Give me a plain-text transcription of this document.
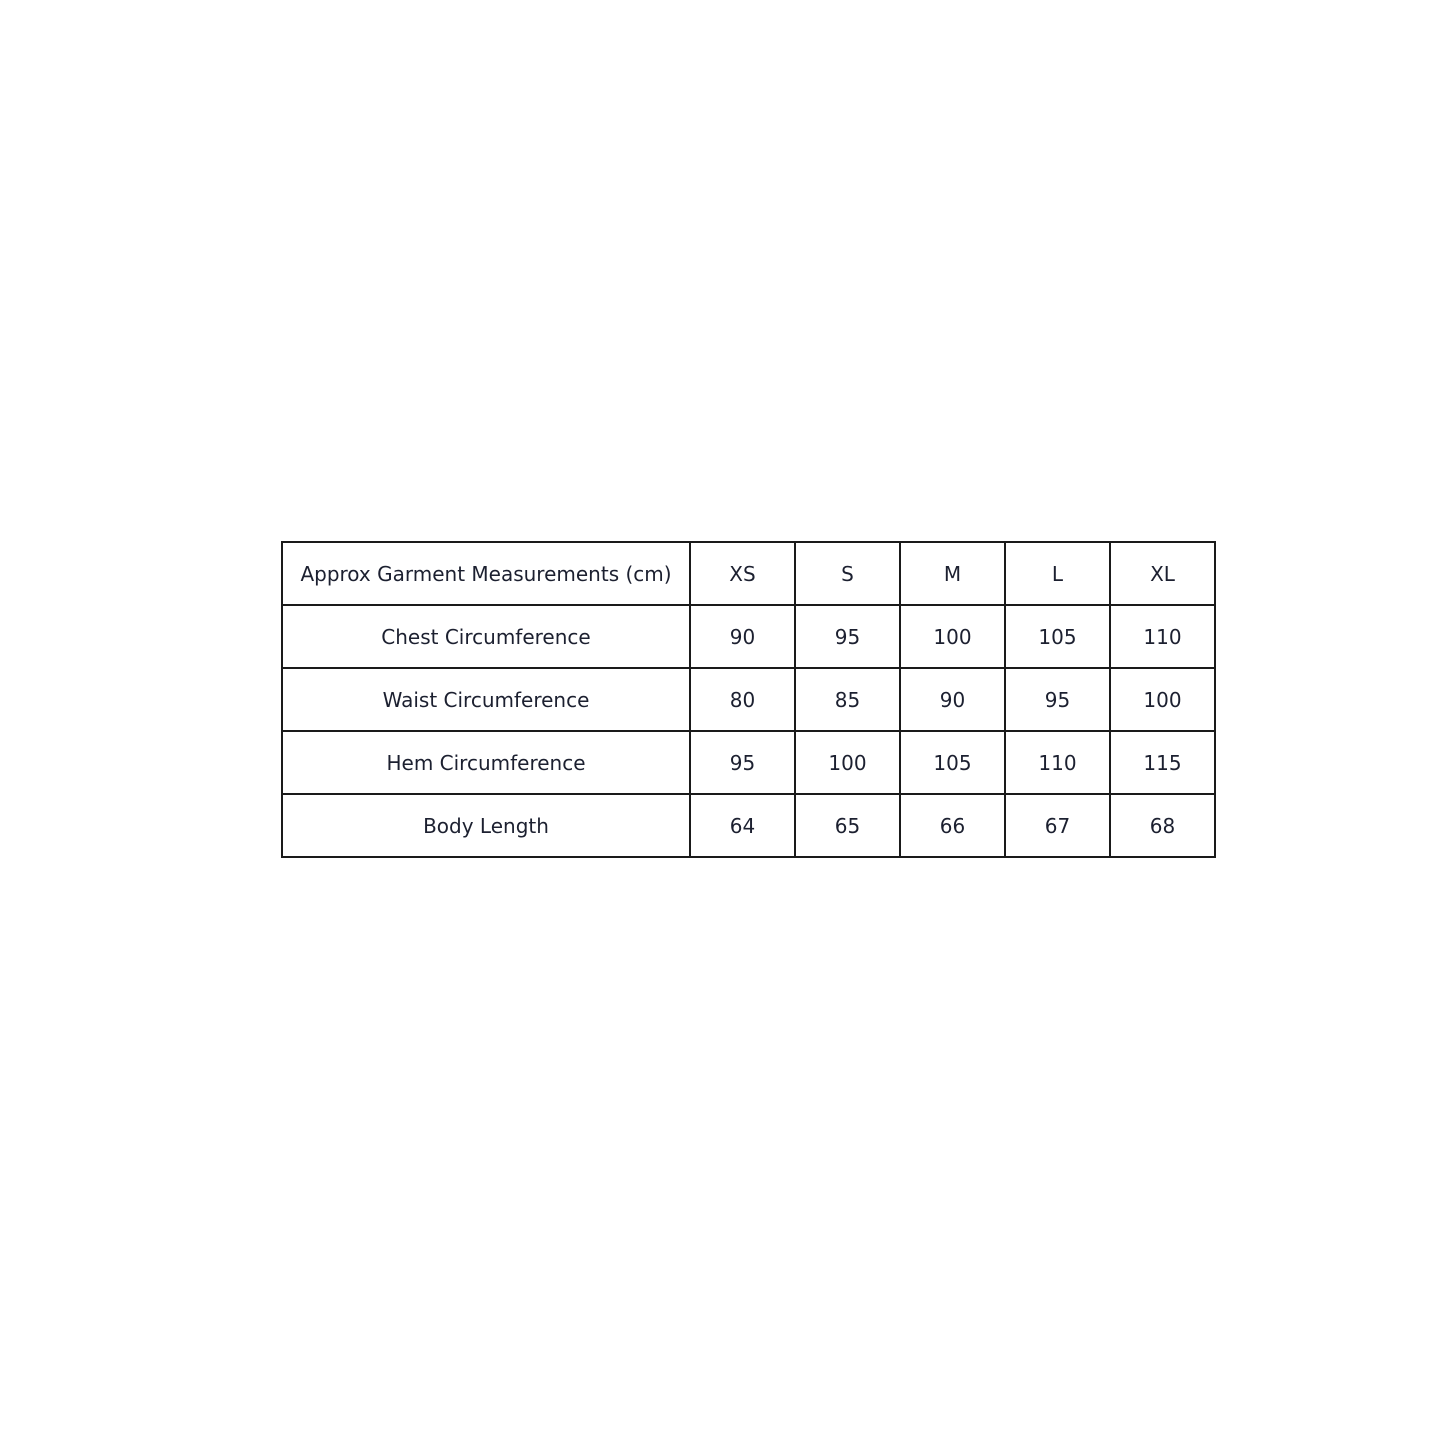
Approx Garment Measurements (cm)	XS	S	M	L	XL
Chest Circumference	90	95	100	105	110
Waist Circumference	80	85	90	95	100
Hem Circumference	95	100	105	110	115
Body Length	64	65	66	67	68
